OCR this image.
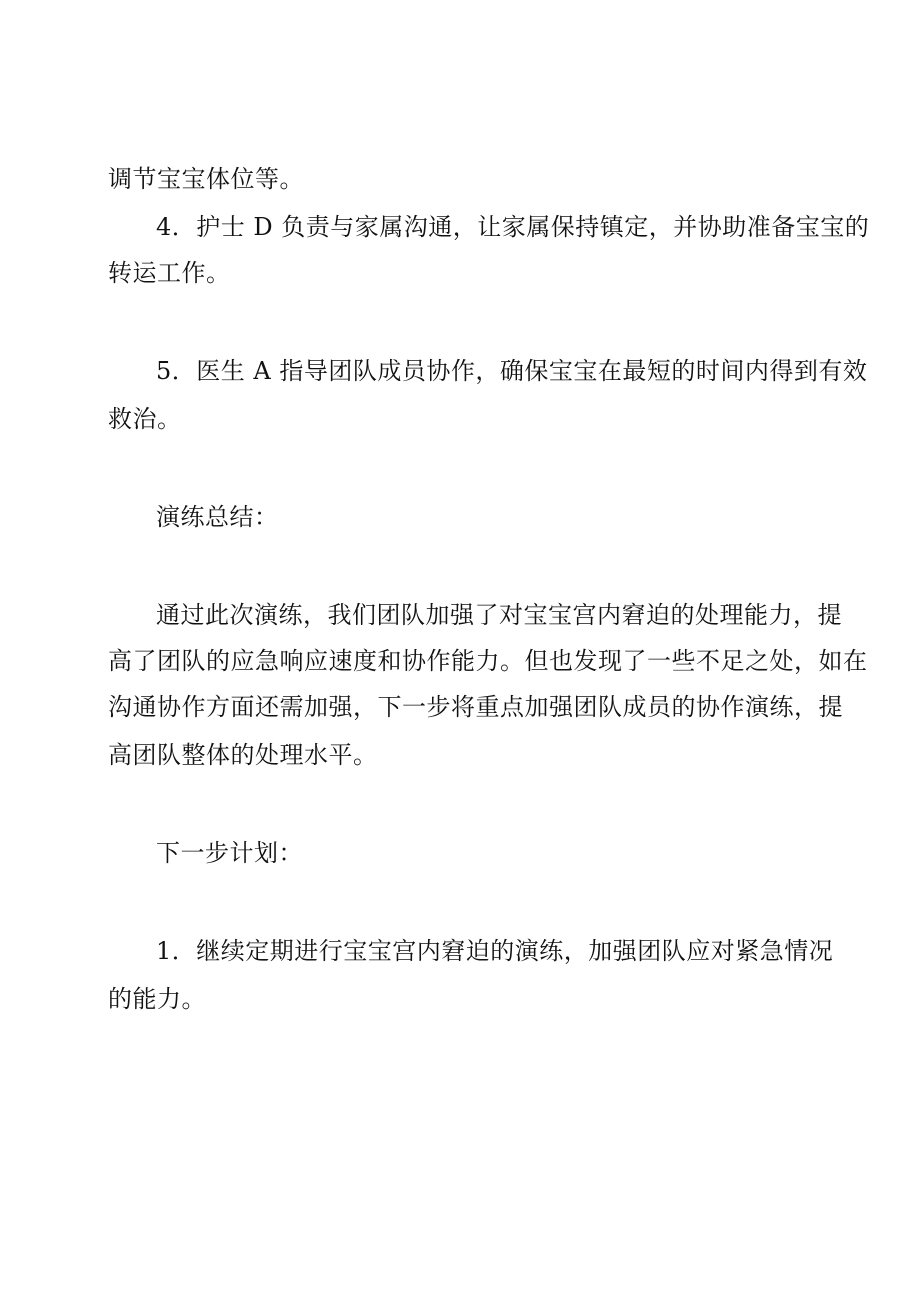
调节宝宝体位等。
4．护士 D 负责与家属沟通，让家属保持镇定，并协助准备宝宝的
转运工作。
5．医生 A 指导团队成员协作，确保宝宝在最短的时间内得到有效
救治。
演练总结：
通过此次演练，我们团队加强了对宝宝宫内窘迫的处理能力，提
高了团队的应急响应速度和协作能力。但也发现了一些不足之处，如在
沟通协作方面还需加强，下一步将重点加强团队成员的协作演练，提
高团队整体的处理水平。
下一步计划：
1．继续定期进行宝宝宫内窘迫的演练，加强团队应对紧急情况
的能力。
